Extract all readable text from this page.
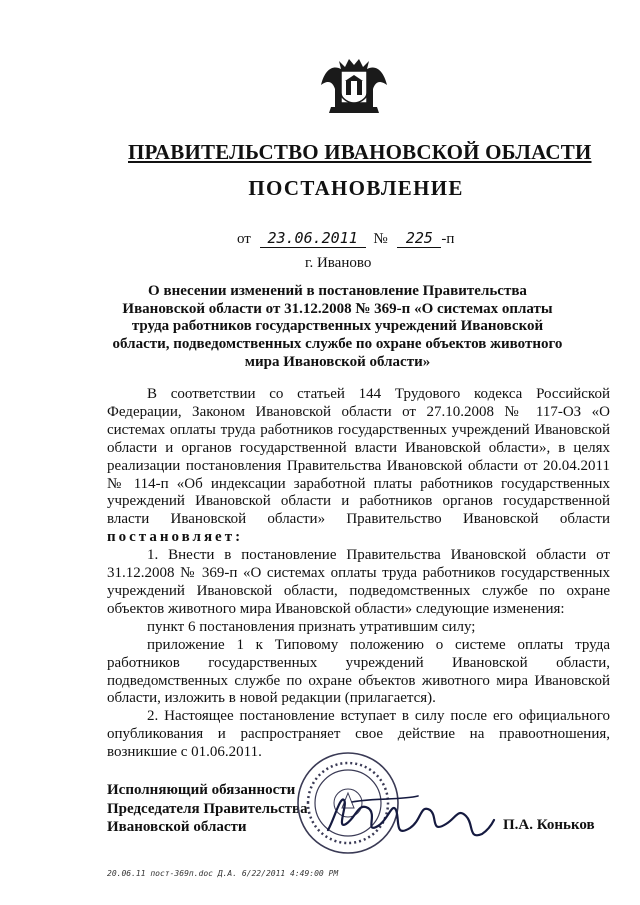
ПРАВИТЕЛЬСТВО ИВАНОВСКОЙ ОБЛАСТИ
ПОСТАНОВЛЕНИЕ
от 23.06.2011 № 225 -п
г. Иваново
О внесении изменений в постановление Правительства Ивановской области от 31.12.2008 № 369-п «О системах оплаты труда работников государственных учреждений Ивановской области, подведомственных службе по охране объектов животного мира Ивановской области»

В соответствии со статьей 144 Трудового кодекса Российской Федерации, Законом Ивановской области от 27.10.2008 № 117-ОЗ «О системах оплаты труда работников государственных учреждений Ивановской области и органов государственной власти Ивановской области», в целях реализации постановления Правительства Ивановской области от 20.04.2011 № 114-п «Об индексации заработной платы работников государственных учреждений Ивановской области и работников органов государственной власти Ивановской области» Правительство Ивановской области постановляет:

1. Внести в постановление Правительства Ивановской области от 31.12.2008 № 369-п «О системах оплаты труда работников государственных учреждений Ивановской области, подведомственных службе по охране объектов животного мира Ивановской области» следующие изменения:

пункт 6 постановления признать утратившим силу;

приложение 1 к Типовому положению о системе оплаты труда работников государственных учреждений Ивановской области, подведомственных службе по охране объектов животного мира Ивановской области, изложить в новой редакции (прилагается).

2. Настоящее постановление вступает в силу после его официального опубликования и распространяет свое действие на правоотношения, возникшие с 01.06.2011.

Исполняющий обязанности
Председателя Правительства
Ивановской области	П.А. Коньков
20.06.11 пост-369п.doc Д.А. 6/22/2011 4:49:00 PM
